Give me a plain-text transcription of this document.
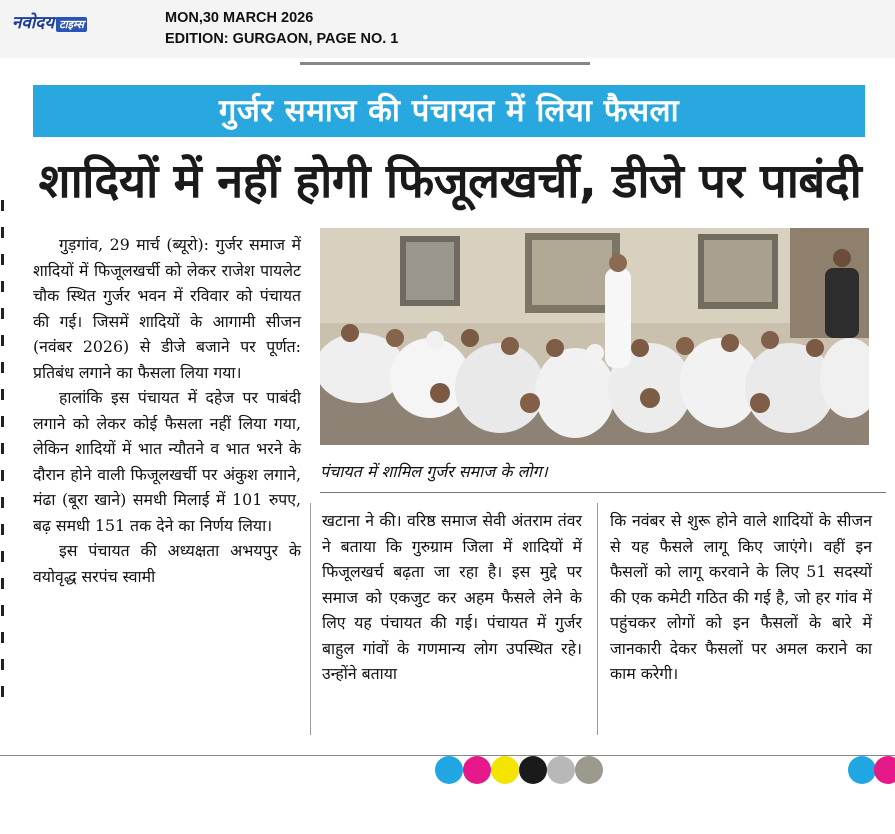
नवोदय टाइम्स	MON,30 MARCH 2026
EDITION: GURGAON, PAGE NO. 1
गुर्जर समाज की पंचायत में लिया फैसला
शादियों में नहीं होगी फिजूलखर्ची, डीजे पर पाबंदी

गुड़गांव, 29 मार्च (ब्यूरो): गुर्जर समाज में शादियों में फिजूलखर्ची को लेकर राजेश पायलेट चौक स्थित गुर्जर भवन में रविवार को पंचायत की गई। जिसमें शादियों के आगामी सीजन (नवंबर 2026) से डीजे बजाने पर पूर्णत: प्रतिबंध लगाने का फैसला लिया गया।

हालांकि इस पंचायत में दहेज पर पाबंदी लगाने को लेकर कोई फैसला नहीं लिया गया, लेकिन शादियों में भात न्यौतने व भात भरने के दौरान होने वाली फिजूलखर्ची पर अंकुश लगाने, मंढा (बूरा खाने) समधी मिलाई में 101 रुपए, बढ़ समधी 151 तक देने का निर्णय लिया।

इस पंचायत की अध्यक्षता अभयपुर के वयोवृद्ध सरपंच स्वामी

पंचायत में शामिल गुर्जर समाज के लोग।

खटाना ने की। वरिष्ठ समाज सेवी अंतराम तंवर ने बताया कि गुरुग्राम जिला में शादियों में फिजूलखर्च बढ़ता जा रहा है। इस मुद्दे पर समाज को एकजुट कर अहम फैसले लेने के लिए यह पंचायत की गई। पंचायत में गुर्जर बाहुल गांवों के गणमान्य लोग उपस्थित रहे। उन्होंने बताया

कि नवंबर से शुरू होने वाले शादियों के सीजन से यह फैसले लागू किए जाएंगे। वहीं इन फैसलों को लागू करवाने के लिए 51 सदस्यों की एक कमेटी गठित की गई है, जो हर गांव में पहुंचकर लोगों को इन फैसलों के बारे में जानकारी देकर फैसलों पर अमल कराने का काम करेगी।
